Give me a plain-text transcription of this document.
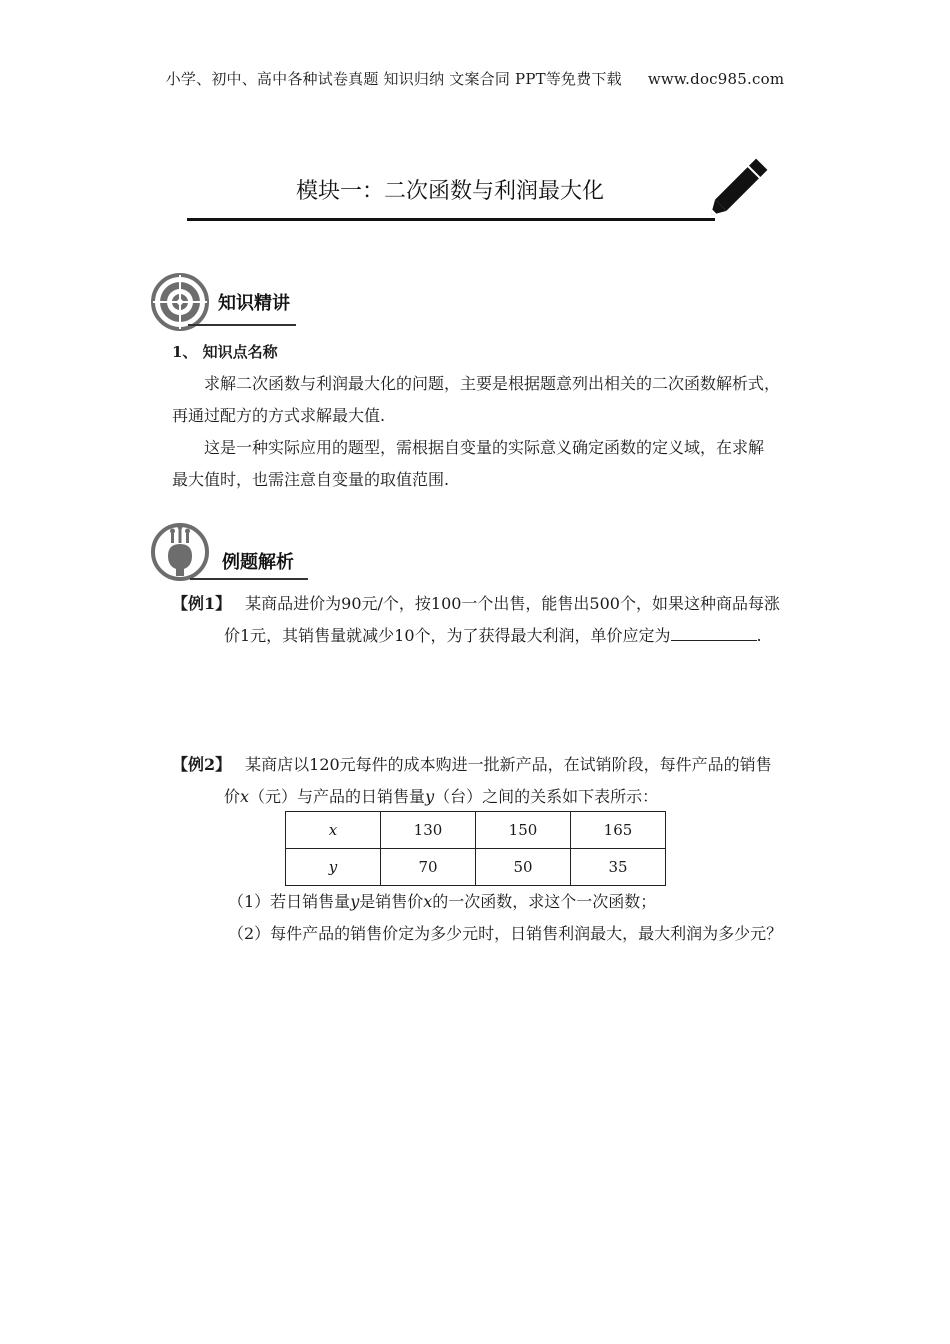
小学、初中、高中各种试卷真题 知识归纳 文案合同 PPT等免费下载 www.doc985.com
模块一：二次函数与利润最大化
知识精讲
1、 知识点名称

求解二次函数与利润最大化的问题，主要是根据题意列出相关的二次函数解析式，

再通过配方的方式求解最大值.

这是一种实际应用的题型，需根据自变量的实际意义确定函数的定义域，在求解

最大值时，也需注意自变量的取值范围.

例题解析

【例1】 某商品进价为90元/个，按100一个出售，能售出500个，如果这种商品每涨

价1元，其销售量就减少10个，为了获得最大利润，单价应定为	.

【例2】 某商店以120元每件的成本购进一批新产品，在试销阶段，每件产品的销售

价x（元）与产品的日销售量y（台）之间的关系如下表所示：

x	130	150	165
y	70	50	35

（1）若日销售量y是销售价x的一次函数，求这个一次函数；

（2）每件产品的销售价定为多少元时，日销售利润最大，最大利润为多少元？
